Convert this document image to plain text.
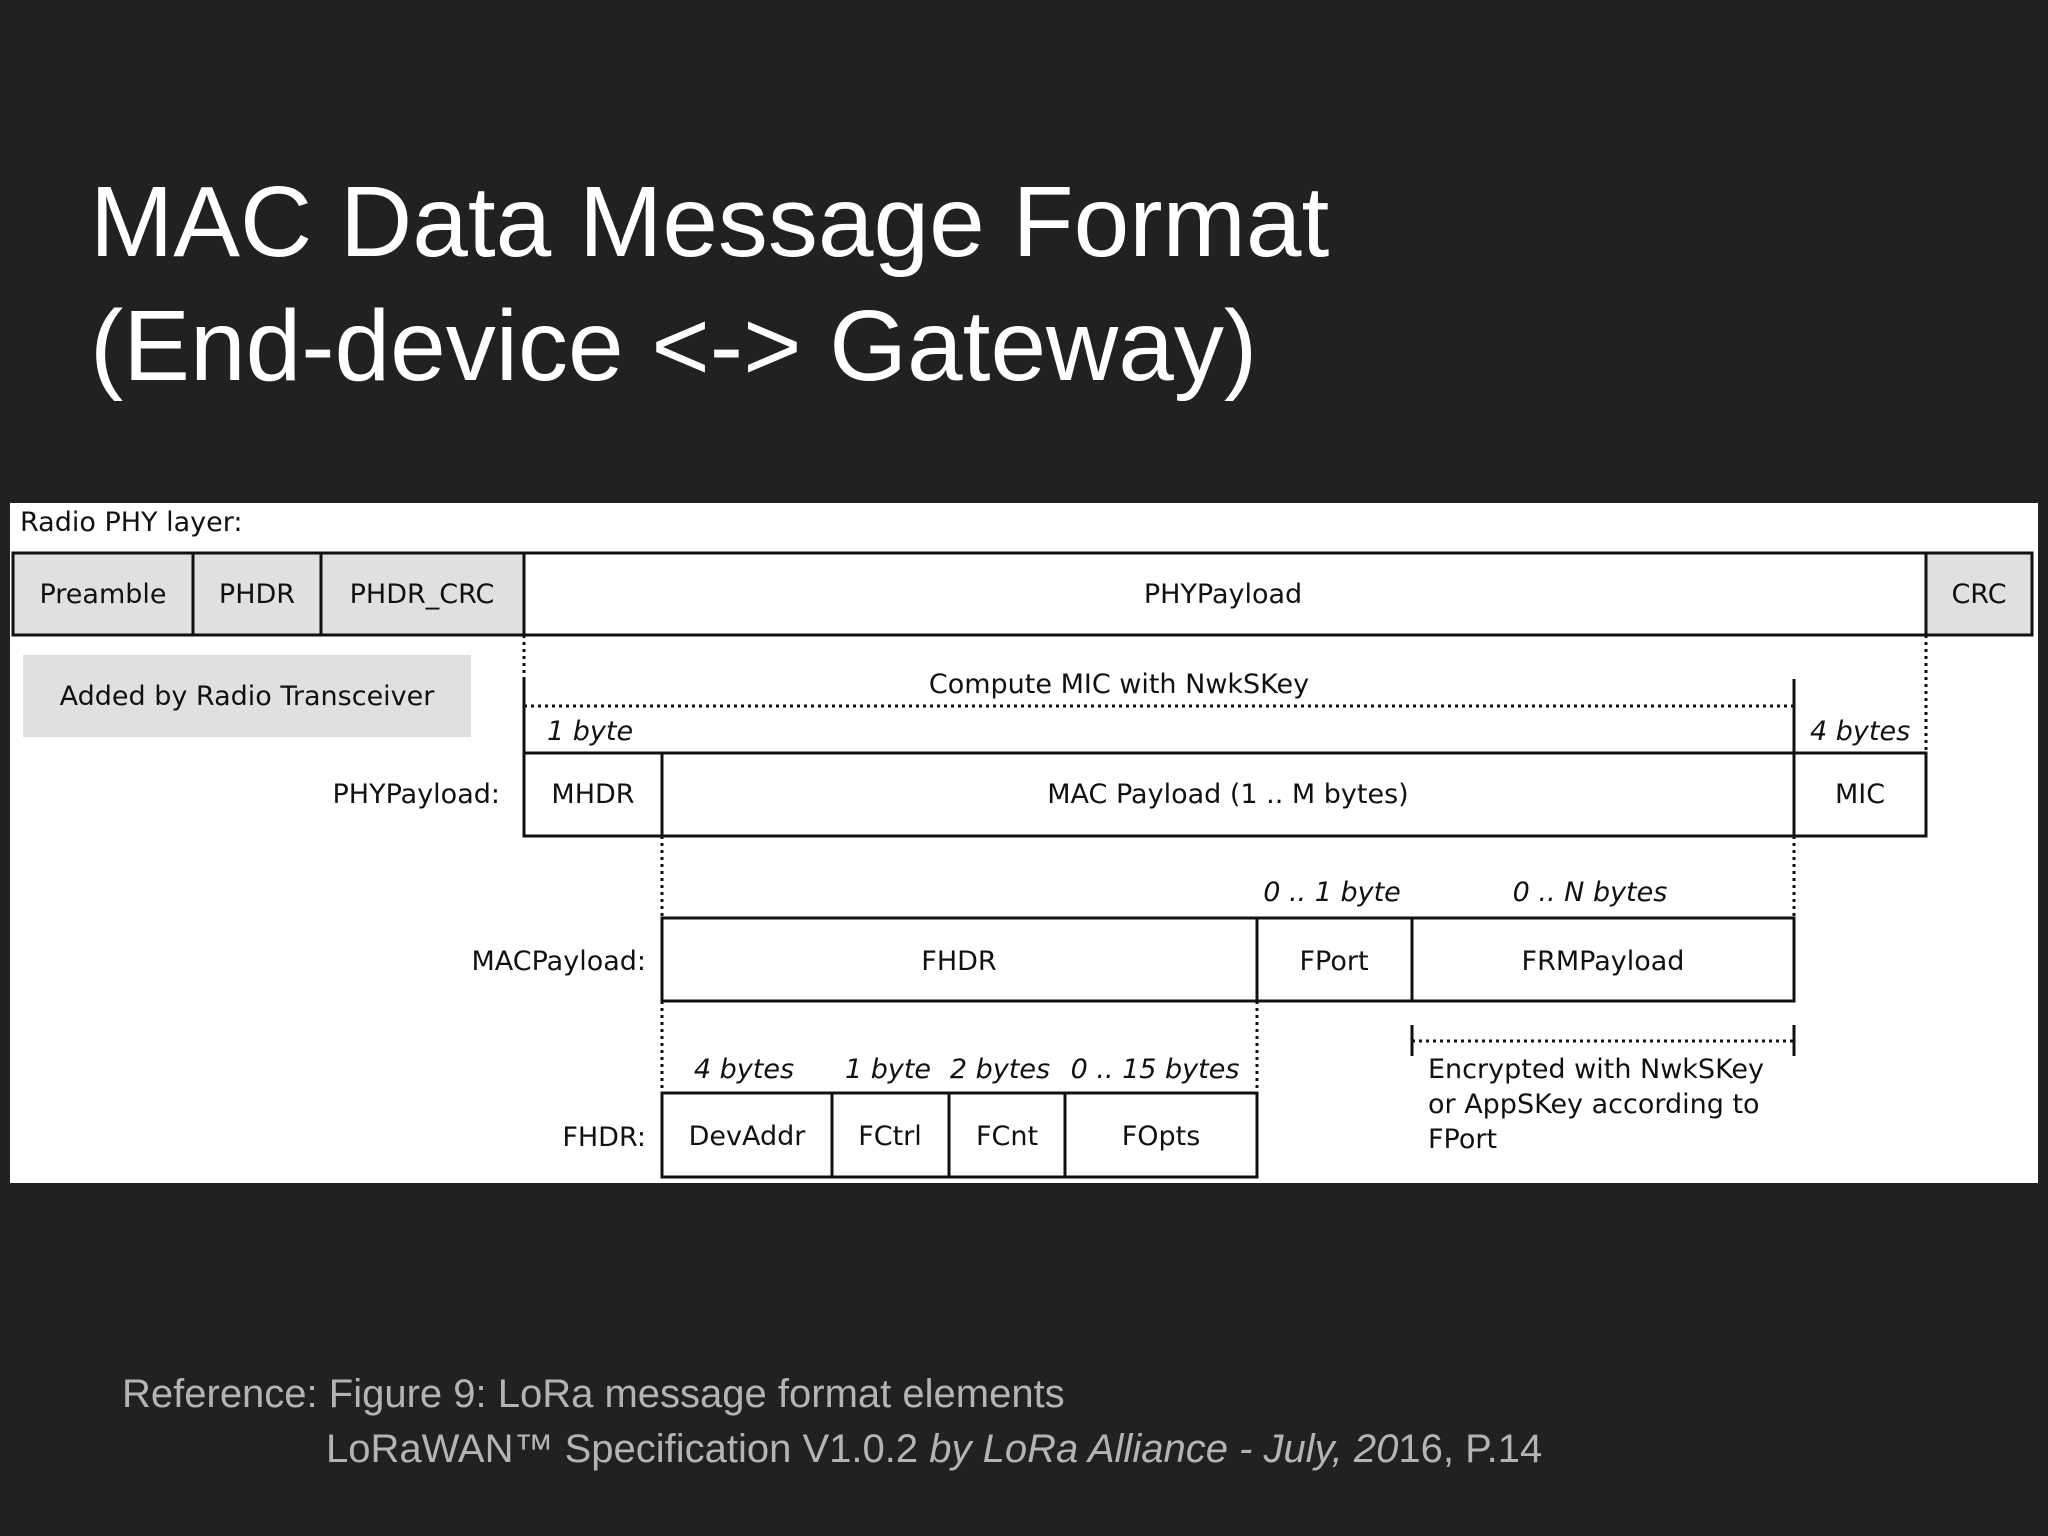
MAC Data Message Format
(End-device <-> Gateway)
Radio PHY layer:
Preamble PHDR PHDR_CRC	PHYPayload	CRC
Added by Radio Transceiver	Compute MIC with NwkSKey
1 byte	4 bytes
PHYPayload: MHDR	MAC Payload (1 .. M bytes)	MIC
0 .. 1 byte	0 .. N bytes
MACPayload:	FHDR	FPort	FRMPayload
4 bytes 1 byte 2 bytes 0 .. 15 bytes	Encrypted with NwkSKey
or AppSKey according to
FPort
FHDR: DevAddr FCtrl FCnt	FOpts
Reference: Figure 9: LoRa message format elements
LoRaWAN™ Specification V1.0.2 by LoRa Alliance - July, 2016, P.14
